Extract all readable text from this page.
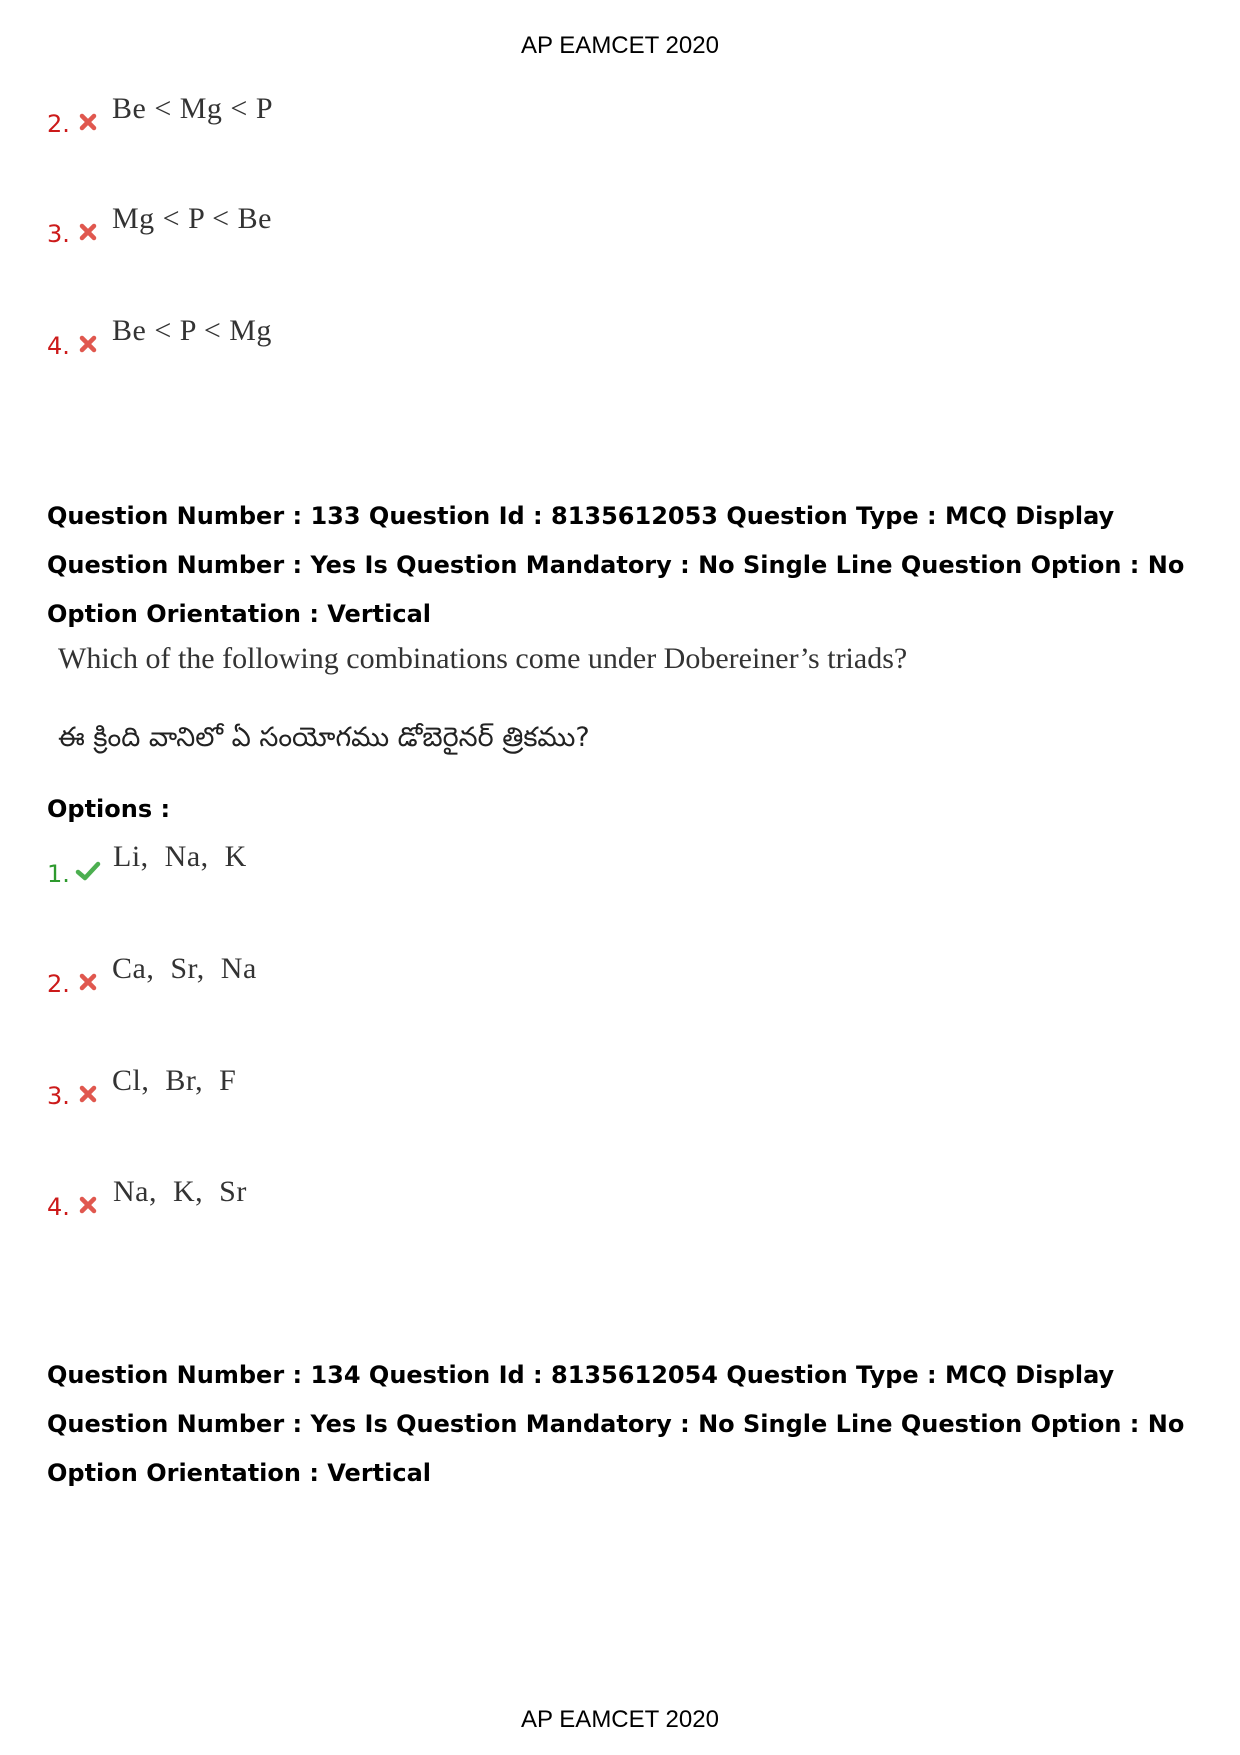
AP EAMCET 2020
2. Be < Mg < P
3. Mg < P < Be
4. Be < P < Mg
Question Number : 133 Question Id : 8135612053 Question Type : MCQ Display Question Number : Yes Is Question Mandatory : No Single Line Question Option : No Option Orientation : Vertical
Which of the following combinations come under Dobereiner’s triads?
ఈ క్రింది వానిలో ఏ సంయోగము డోబెరైనర్ త్రికము?
Options :
1.
Li,  Na,  K
2. Ca,  Sr,  Na
3. Cl,  Br,  F
4. Na,  K,  Sr
Question Number : 134 Question Id : 8135612054 Question Type : MCQ Display Question Number : Yes Is Question Mandatory : No Single Line Question Option : No Option Orientation : Vertical
AP EAMCET 2020
